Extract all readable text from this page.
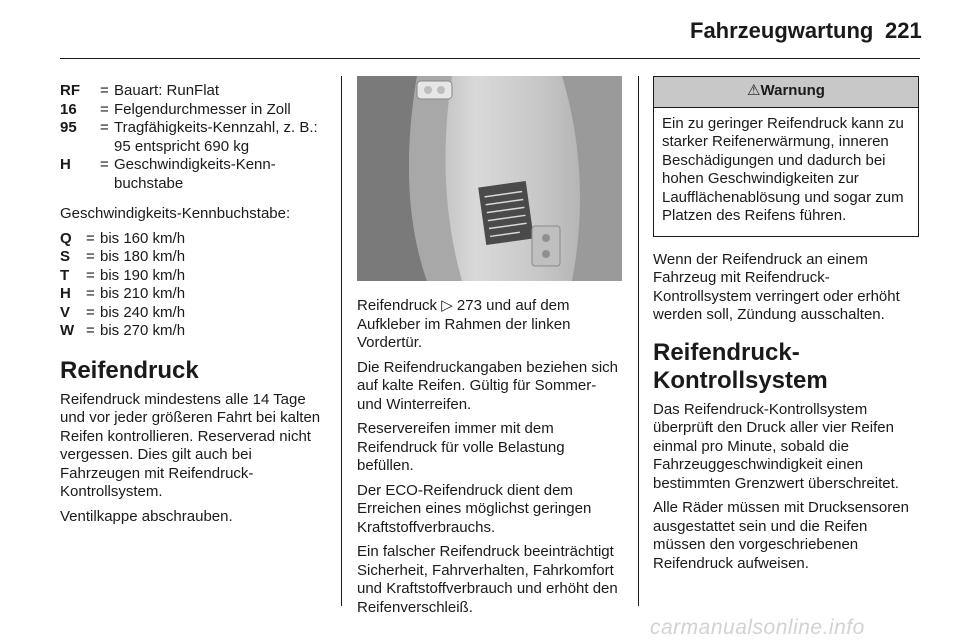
Fahrzeugwartung 221
RF	= Bauart: RunFlat
16	= Felgendurchmesser in Zoll
95	= Tragfähigkeits-Kennzahl, z. B.: 95 entspricht 690 kg
H	= Geschwindigkeits-Kenn-buchstabe

Geschwindigkeits-Kennbuchstabe:

Q = bis 160 km/h
S	= bis 180 km/h
T	= bis 190 km/h
H	= bis 210 km/h
V	= bis 240 km/h
W = bis 270 km/h
Reifendruck

Reifendruck mindestens alle 14 Tage und vor jeder größeren Fahrt bei kalten Reifen kontrollieren. Reserverad nicht vergessen. Dies gilt auch bei Fahrzeugen mit Reifendruck-Kontrollsystem.

Ventilkappe abschrauben.

Reifendruck ▷ 273 und auf dem Aufkleber im Rahmen der linken Vordertür.

Die Reifendruckangaben beziehen sich auf kalte Reifen. Gültig für Sommer- und Winterreifen.

Reservereifen immer mit dem Reifendruck für volle Belastung befüllen.

Der ECO-Reifendruck dient dem Erreichen eines möglichst geringen Kraftstoffverbrauchs.

Ein falscher Reifendruck beeinträchtigt Sicherheit, Fahrverhalten, Fahrkomfort und Kraftstoffverbrauch und erhöht den Reifenverschleiß.

⚠Warnung
Ein zu geringer Reifendruck kann zu starker Reifenerwärmung, inneren Beschädigungen und dadurch bei hohen Geschwindigkeiten zur Laufflächenablösung und sogar zum Platzen des Reifens führen.

Wenn der Reifendruck an einem Fahrzeug mit Reifendruck-Kontrollsystem verringert oder erhöht werden soll, Zündung ausschalten.

Reifendruck-Kontrollsystem

Das Reifendruck-Kontrollsystem überprüft den Druck aller vier Reifen einmal pro Minute, sobald die Fahrzeuggeschwindigkeit einen bestimmten Grenzwert überschreitet.

Alle Räder müssen mit Drucksensoren ausgestattet sein und die Reifen müssen den vorgeschriebenen Reifendruck aufweisen.

carmanualsonline.info
